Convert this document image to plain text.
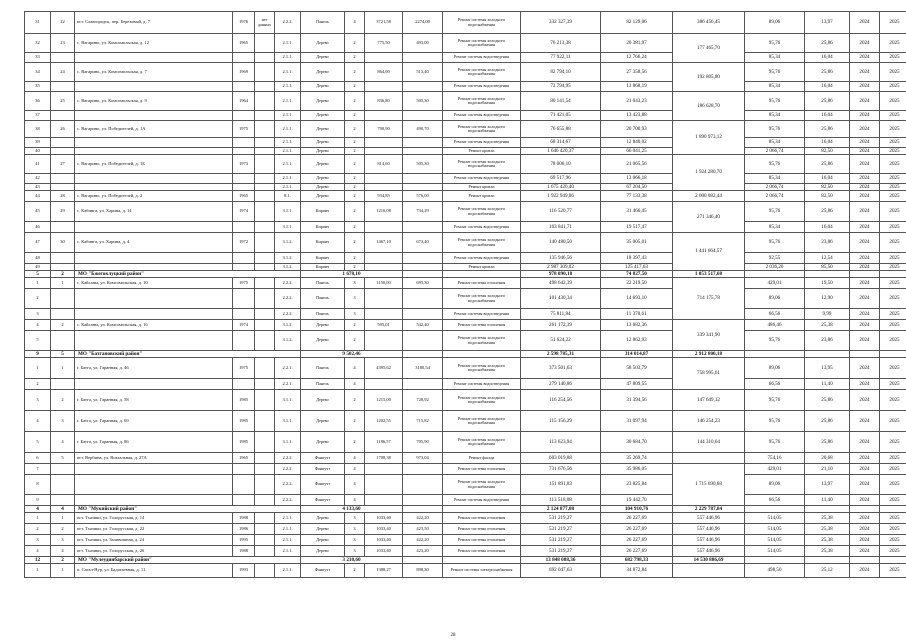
31	22	пгт. Славгородск, пер. Березовый, д. 7	1976	нет данных	2.2.2.	Панель	4	3721,58	2274,00	Ремонт системы холодного водоснабжения	332 327,39	82 129,06	386 456,45	89,06	13,97	2024	2025
32	23	с. Вагарино, ул. Комсомольская, д. 12	1965		2.1.1.	Дерево	2	775,50	493,00	Ремонт системы холодного водоснабжения	76 213,38	20 381,97	177 465,70	95,76	25,86	2024	2025
33					2.1.1.	Дерево	2			Ремонт системы водоотведения	77 922,11	12 766,24		85,34	16,04	2024	2025
34	24	с. Вагарино, ул. Комсомольская, д. 7	1969		2.1.1.	Дерево	2	864,00	513,40	Ремонт системы холодного водоснабжения	82 794,10	27 358,56	192 805,80	95,76	25,86	2024	2025
35					2.1.1.	Дерево	2			Ремонт системы водоотведения	73 794,95	13 868,19		85,34	16,04	2024	2025
36	25	с. Вагарино, ул. Комсомольская, д. 9	1964		2.1.1.	Дерево	2	836,80	505,30	Ремонт системы холодного водоснабжения	80 141,54	21 643,23	186 628,70	95,76	25,86	2024	2025
37					2.1.1.	Дерево	2			Ремонт системы водоотведения	71 421,05	13 423,88		85,34	16,04	2024	2025
38	26	с. Вагарино, ул. Победителей, д. 1А	1975		2.1.1.	Дерево	2	790,90	490,70	Ремонт системы холодного водоснабжения	76 655,88	20 700,93	1 890 973,12	95,76	25,86	2024	2025
39					2.1.1.	Дерево	2			Ремонт системы водоотведения	68 314,67	12 840,02		85,34	16,04	2024	2025
40					2.1.1.	Дерево	2			Ремонт кровли	1 646 420,37	66 041,25		2 066,74	82,50	2024	2025
41	27	с. Вагарино, ул. Победителей, д. 1Б	1973		2.1.1.	Дерево	2	814,60	505,30	Ремонт системы холодного водоснабжения	78 006,10	21 065,56	1 924 280,70	95,76	25,86	2024	2025
42					2.1.1.	Дерево	2			Ремонт системы водоотведения	69 517,96	13 066,18		85,34	16,04	2024	2025
43					2.1.1.	Дерево	2			Ремонт кровли	1 675 420,40	67 204,50		2 066,74	82,50	2024	2025
44	28	с. Вагарино, ул. Победителей, д. 2	1965		8.1.	Дерево	2	934,85	576,00	Ремонт кровли	1 922 949,06	77 133,38	2 000 082,44	2 066,74	82,50	2024	2025
45	29	с. Кабинга, ул. Харина, д. 14	1974		3.1.1.	Кирпич	2	1216,08	734,29	Ремонт системы холодного водоснабжения	116 520,77	31 466,45	271 346,40	95,76	25,86	2024	2025
46					3.1.1.	Кирпич	2			Ремонт системы водоотведения	103 841,71	19 517,47		85,34	16,04	2024	2025
47	30	с. Кабинга, ул. Харина, д. 4	1972		3.1.2.	Кирпич	2	1467,10	673,40	Ремонт системы холодного водоснабжения	140 480,50	35 005,01	1 441 664,57	95,76	23,86	2024	2025
48					3.1.2.	Кирпич	2			Ремонт системы водоотведения	135 946,56	18 397,43		92,55	12,54	2024	2025
49					3.1.2.	Кирпич	2			Ремонт кровли	2 987 309,02	125 417,63		2 036,20	85,50	2024	2025
5	2	МО "Бжегоклуцкий район"				1 678,10					978 090,18	74 827,50	1 053 517,68				
1	1	с. Кайсаны, ул. Комсомольская, д. 10	1975		2.2.2.	Панель	3	1150,00	695,30	Ремонт системы отопления	498 642,39	22 219,50	714 175,78	429,01	19,50	2024	2025
2					2.2.2.	Панель	3			Ремонт системы холодного водоснабжения	101 430,34	14 693,10		89,06	12,90	2024	2025
3					2.2.2.	Панель	3			Ремонт системы водоотведения	75 811,84	11 378,61		66,56	9,99	2024	2025
4	2	с. Кайсаны, ул. Комсомольская, д. 16	1974		3.1.2.	Дерево	2	595,01	542,40	Ремонт системы отопления	261 172,39	13 682,36	339 341,90	486,46	25,38	2024	2025
5					3.1.2.	Дерево	2			Ремонт системы холодного водоснабжения	51 624,22	12 862,93		95,76	23,86	2024	2025
9	5	МО "Батгановский район"				9 502,46					2 598 785,31	314 014,87	2 912 800,18				
1	1	г. Батга, ул. Гаранная, д. 46	1975		2.2.1.	Панель	4	4395,62	3180,54	Ремонт системы холодного водоснабжения	373 501,63	58 503,79	758 995,61	89,06	13,95	2024	2025
2					2.2.1.	Панель	4			Ремонт системы водоотведения	279 140,86	47 809,55		66,56	11,40	2024	2025
3	2	г. Батга, ул. Гаранная, д. 58	1985		3.1.1.	Дерево	2	1215,00	728,92	Ремонт системы холодного водоснабжения	116 254,56	31 394,56	147 649,12	95,76	25,86	2024	2025
4	3	г. Батга, ул. Гаранная, д. 69	1985		3.1.1.	Дерево	2	1202,55	715,82	Ремонт системы холодного водоснабжения	115 156,29	31 097,94	146 254,23	95,76	25,86	2024	2025
5	4	г. Батга, ул. Гаранная, д. 86	1985		3.1.1.	Дерево	2	1186,57	705,90	Ремонт системы холодного водоснабжения	113 623,94	30 684,70	144 310,64	95,76	25,86	2024	2025
6	5	пгт. Вербина, ул. Вокзальная, д. 27А	1965		2.2.2.	Фанпучт	4	1708,38	973,04	Ремонт фасада	603 019,88	35 269,74		754,16	20,68	2024	2025
7					2.2.2.	Фанпучт	4			Ремонт системы отопления	731 676,56	35 986,05	1 715 690,68	429,01	21,10	2024	2025
8					2.2.2.	Фанпучт	4			Ремонт системы холодного водоснабжения	151 891,83	23 825,84		89,06	13,97	2024	2025
9					2.2.2.	Фанпучт	4			Ремонт системы водоотведения	113 518,08	19 442,70		66,56	11,40	2024	2025
4	4	МО "Мукийский район"				4 133,60					2 124 877,08	104 910,76	2 229 787,84				
1	1	пгт. Тхазики, ул. Голорусская, д. 14	1988		2.1.1.	Дерево	3	1033,40	422,20	Ремонт системы отопления	531 219,27	26 227,69	557 446,96	514,05	25,38	2024	2025
2	2	пгт. Тхазики, ул. Голорусская, д. 22	1986		2.1.1.	Дерево	3	1033,40	423,50	Ремонт системы отопления	531 219,27	26 227,69	557 446,96	514,05	25,38	2024	2025
3	3	пгт. Тхазики, ул. Заливошная, д. 24	1995		2.1.1.	Дерево	3	1033,40	422,20	Ремонт системы отопления	531 219,27	26 227,69	557 446,96	514,05	25,38	2024	2025
4	4	пгт. Тхазики, ул. Голорусская, д. 26	1988		2.1.1.	Дерево	3	1033,40	423,20	Ремонт системы отопления	531 219,27	26 227,69	557 446,96	514,05	25,38	2024	2025
12	2	МО "Мулеудинбарский район"				3 210,60					13 848 088,36	682 798,33	14 530 886,69				
1	1	п. Сагал-Нур, ул. Бадагаевная, д. 11	1993		2.1.1.	Фанпучт	2	1388,27	898,30	Ремонт системы электроснабжения	692 047,63	34 872,84		498,50	25,12	2024	2025
28
